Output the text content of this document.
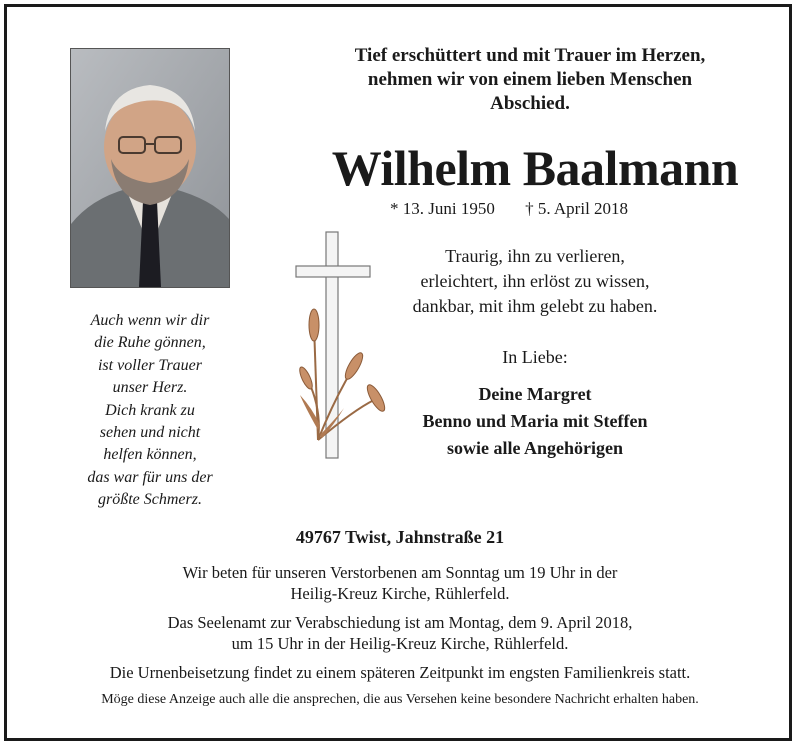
Auch wenn wir dir
die Ruhe gönnen,
ist voller Trauer
unser Herz.
Dich krank zu
sehen und nicht
helfen können,
das war für uns der
größte Schmerz.
Tief erschüttert und mit Trauer im Herzen,
nehmen wir von einem lieben Menschen
Abschied.
Wilhelm Baalmann
* 13. Juni 1950 † 5. April 2018
Traurig, ihn zu verlieren,
erleichtert, ihn erlöst zu wissen,
dankbar, mit ihm gelebt zu haben.
In Liebe:
Deine Margret
Benno und Maria mit Steffen
sowie alle Angehörigen
49767 Twist, Jahnstraße 21
Wir beten für unseren Verstorbenen am Sonntag um 19 Uhr in der
Heilig-Kreuz Kirche, Rühlerfeld.
Das Seelenamt zur Verabschiedung ist am Montag, dem 9. April 2018,
um 15 Uhr in der Heilig-Kreuz Kirche, Rühlerfeld.
Die Urnenbeisetzung findet zu einem späteren Zeitpunkt im engsten Familienkreis statt.
Möge diese Anzeige auch alle die ansprechen, die aus Versehen keine besondere Nachricht erhalten haben.
